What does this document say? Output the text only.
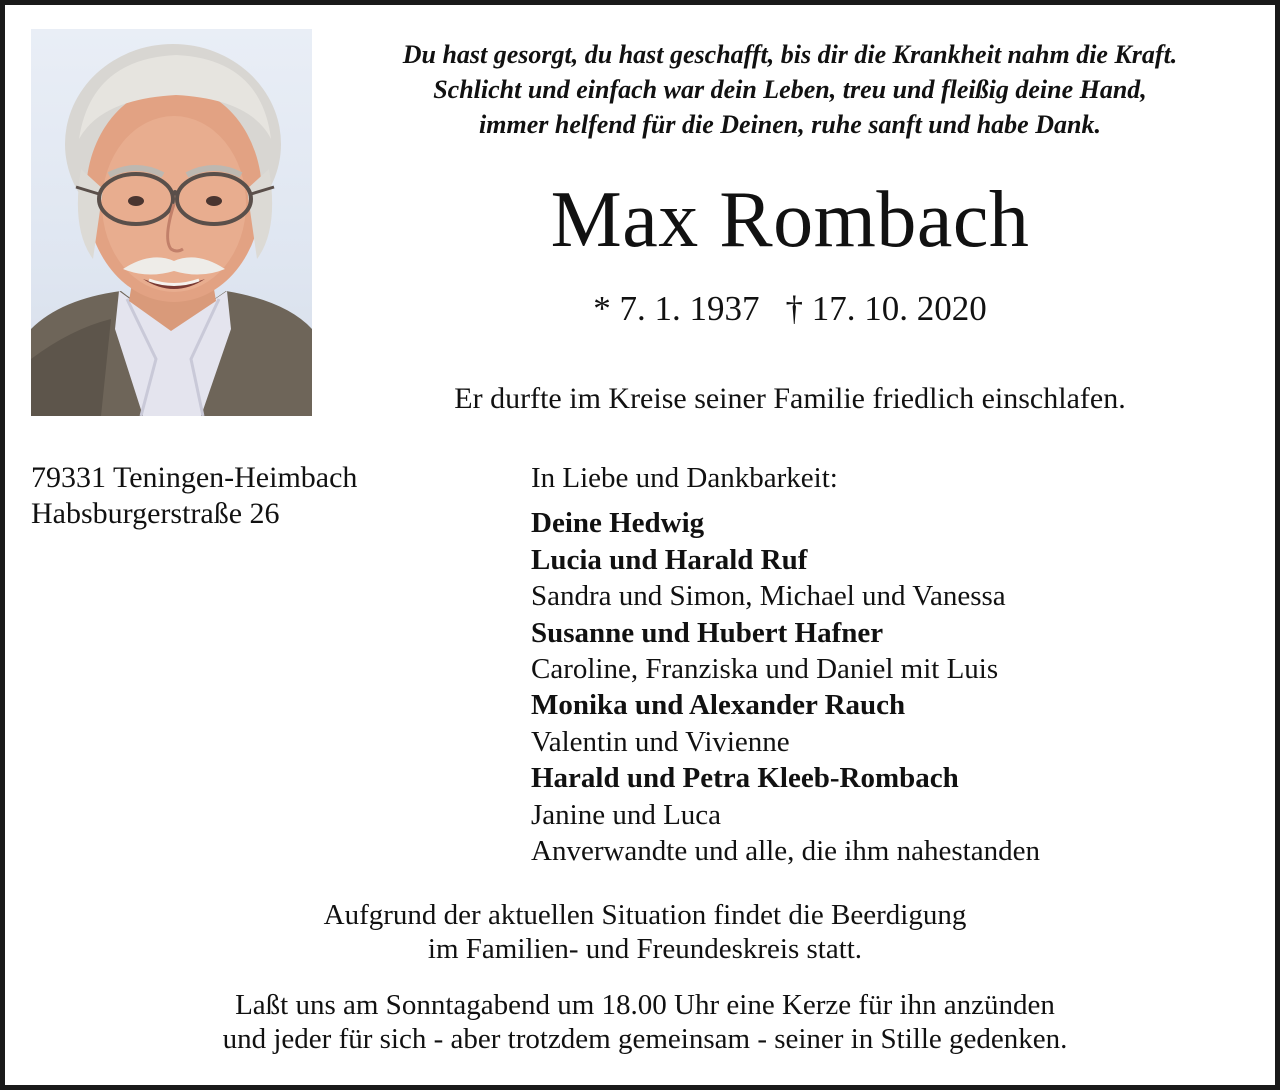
Du hast gesorgt, du hast geschafft, bis dir die Krankheit nahm die Kraft.
Schlicht und einfach war dein Leben, treu und fleißig deine Hand,
immer helfend für die Deinen, ruhe sanft und habe Dank.
Max Rombach
* 7. 1. 1937 † 17. 10. 2020
Er durfte im Kreise seiner Familie friedlich einschlafen.
79331 Teningen-Heimbach
Habsburgerstraße 26
In Liebe und Dankbarkeit:
Deine Hedwig
Lucia und Harald Ruf
Sandra und Simon, Michael und Vanessa
Susanne und Hubert Hafner
Caroline, Franziska und Daniel mit Luis
Monika und Alexander Rauch
Valentin und Vivienne
Harald und Petra Kleeb-Rombach
Janine und Luca
Anverwandte und alle, die ihm nahestanden
Aufgrund der aktuellen Situation findet die Beerdigung
im Familien- und Freundeskreis statt.
Laßt uns am Sonntagabend um 18.00 Uhr eine Kerze für ihn anzünden
und jeder für sich - aber trotzdem gemeinsam - seiner in Stille gedenken.
